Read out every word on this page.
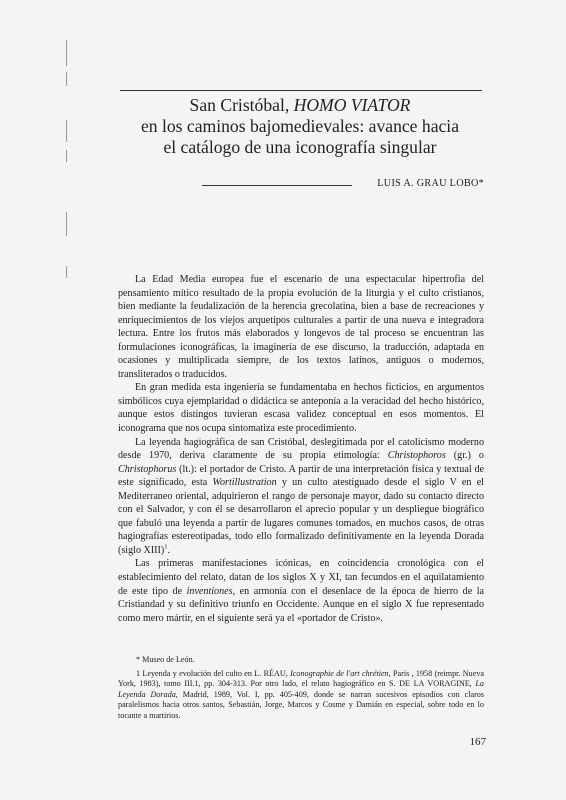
San Cristóbal, HOMO VIATOR
en los caminos bajomedievales: avance hacia
el catálogo de una iconografía singular
LUIS A. GRAU LOBO*

La Edad Media europea fue el escenario de una espectacular hipertrofia del pensamiento mítico resultado de la propia evolución de la liturgia y el culto cristianos, bien mediante la feudalización de la herencia grecolatina, bien a base de recreaciones y enriquecimientos de los viejos arquetipos culturales a partir de una nueva e integradora lectura. Entre los frutos más elaborados y longevos de tal proceso se encuentran las formulaciones iconográficas, la imaginería de ese discurso, la traducción, adaptada en ocasiones y multiplicada siempre, de los textos latinos, antiguos o modernos, transliterados o traducidos.

En gran medida esta ingeniería se fundamentaba en hechos ficticios, en argumentos simbólicos cuya ejemplaridad o didáctica se anteponía a la veracidad del hecho histórico, aunque estos distingos tuvieran escasa validez conceptual en esos momentos. El iconograma que nos ocupa sintomatiza este procedimiento.

La leyenda hagiográfica de san Cristóbal, deslegitimada por el catolicismo moderno desde 1970, deriva claramente de su propia etimología: Christophoros (gr.) o Christophorus (lt.): el portador de Cristo. A partir de una interpretación física y textual de este significado, esta Wortillustration y un culto atestiguado desde el siglo V en el Mediterraneo oriental, adquirieron el rango de personaje mayor, dado su contacto directo con el Salvador, y con él se desarrollaron el aprecio popular y un despliegue biográfico que fabuló una leyenda a partir de lugares comunes tomados, en muchos casos, de otras hagiografías estereotipadas, todo ello formalizado definitivamente en la leyenda Dorada (siglo XIII)$^1$.

Las primeras manifestaciones icónicas, en coincidencia cronológica con el establecimiento del relato, datan de los siglos X y XI, tan fecundos en el aquilatamiento de este tipo de inventiones, en armonía con el desenlace de la época de hierro de la Cristiandad y su definitivo triunfo en Occidente. Aunque en el siglo X fue representado como mero mártir, en el siguiente será ya el «portador de Cristo».

* Museo de León.

1 Leyenda y evolución del culto en L. RÉAU, Iconographie de l'art chrétien, París , 1958 (reimpr. Nueva York, 1983), tomo III.1, pp. 304-313. Por otro lado, el relato hagiográfico en S. DE LA VORAGINE, La Leyenda Dorada, Madrid, 1989, Vol. I, pp. 405-409, donde se narran sucesivos episodios con claros paralelismos hacia otros santos, Sebastián, Jorge, Marcos y Cosme y Damián en especial, sobre todo en lo tocante a martirios.

167
